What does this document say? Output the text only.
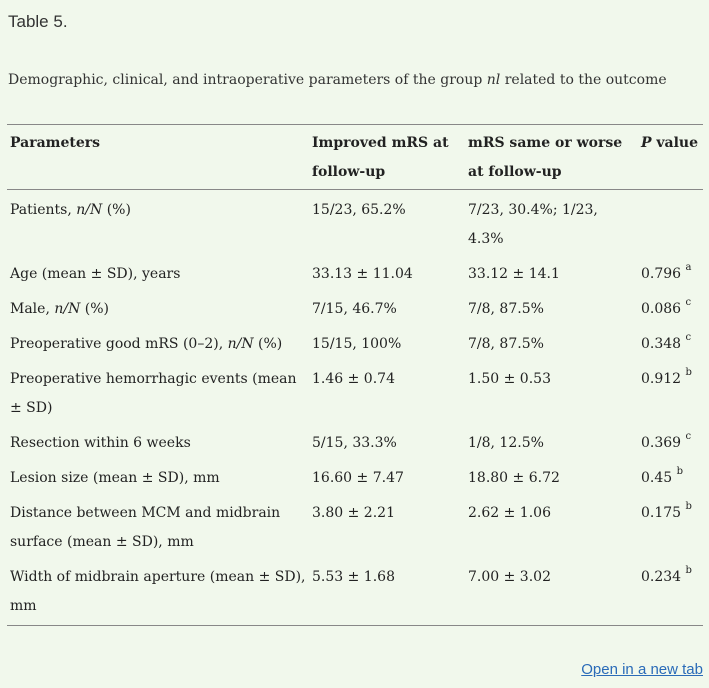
Table 5.
Demographic, clinical, and intraoperative parameters of the group nl related to the outcome
Parameters	Improved mRS at follow-up	mRS same or worse at follow-up	P value
Patients, n/N (%)	15/23, 65.2%	7/23, 30.4%; 1/23, 4.3%	
Age (mean ± SD), years	33.13 ± 11.04	33.12 ± 14.1	0.796 $^a$
Male, n/N (%)	7/15, 46.7%	7/8, 87.5%	0.086 $^c$
Preoperative good mRS (0–2), n/N (%)	15/15, 100%	7/8, 87.5%	0.348 $^c$
Preoperative hemorrhagic events (mean ± SD)	1.46 ± 0.74	1.50 ± 0.53	0.912 $^b$
Resection within 6 weeks	5/15, 33.3%	1/8, 12.5%	0.369 $^c$
Lesion size (mean ± SD), mm	16.60 ± 7.47	18.80 ± 6.72	0.45 $^b$
Distance between MCM and midbrain surface (mean ± SD), mm	3.80 ± 2.21	2.62 ± 1.06	0.175 $^b$
Width of midbrain aperture (mean ± SD), mm	5.53 ± 1.68	7.00 ± 3.02	0.234 $^b$
Open in a new tab
